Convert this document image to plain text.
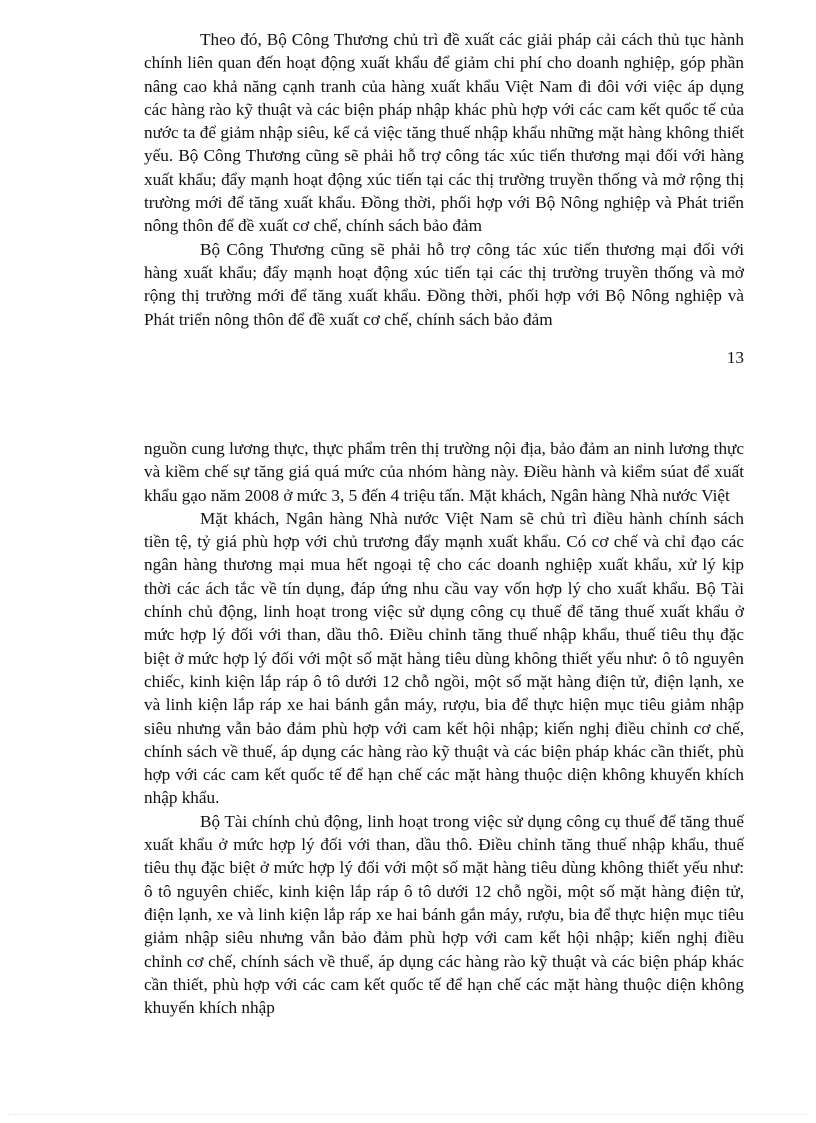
Theo đó, Bộ Công Thương chủ trì đề xuất các giải pháp cải cách thủ tục hành chính liên quan đến hoạt động xuất khẩu để giảm chi phí cho doanh nghiệp, góp phần nâng cao khả năng cạnh tranh của hàng xuất khẩu Việt Nam đi đôi với việc áp dụng các hàng rào kỹ thuật và các biện pháp nhập khác phù hợp với các cam kết quốc tế của nước ta để giảm nhập siêu, kể cả việc tăng thuế nhập khẩu những mặt hàng không thiết yếu. Bộ Công Thương cũng sẽ phải hỗ trợ công tác xúc tiến thương mại đối với hàng xuất khẩu; đẩy mạnh hoạt động xúc tiến tại các thị trường truyền thống và mở rộng thị trường mới để tăng xuất khẩu. Đồng thời, phối hợp với Bộ Nông nghiệp và Phát triển nông thôn để đề xuất cơ chế, chính sách bảo đảm

Bộ Công Thương cũng sẽ phải hỗ trợ công tác xúc tiến thương mại đối với hàng xuất khẩu; đẩy mạnh hoạt động xúc tiến tại các thị trường truyền thống và mở rộng thị trường mới để tăng xuất khẩu. Đồng thời, phối hợp với Bộ Nông nghiệp và Phát triển nông thôn để đề xuất cơ chế, chính sách bảo đảm

13

nguồn cung lương thực, thực phẩm trên thị trường nội địa, bảo đảm an ninh lương thực và kiềm chế sự tăng giá quá mức của nhóm hàng này. Điều hành và kiểm súat để xuất khẩu gạo năm 2008 ở mức 3, 5 đến 4 triệu tấn. Mặt khách, Ngân hàng Nhà nước Việt

Mặt khách, Ngân hàng Nhà nước Việt Nam sẽ chủ trì điều hành chính sách tiền tệ, tỷ giá phù hợp với chủ trương đẩy mạnh xuất khẩu. Có cơ chế và chỉ đạo các ngân hàng thương mại mua hết ngoại tệ cho các doanh nghiệp xuất khẩu, xử lý kịp thời các ách tắc về tín dụng, đáp ứng nhu cầu vay vốn hợp lý cho xuất khẩu. Bộ Tài chính chủ động, linh hoạt trong việc sử dụng công cụ thuế để tăng thuế xuất khẩu ở mức hợp lý đối với than, dầu thô. Điều chỉnh tăng thuế nhập khẩu, thuế tiêu thụ đặc biệt ở mức hợp lý đối với một số mặt hàng tiêu dùng không thiết yếu như: ô tô nguyên chiếc, kinh kiện lắp ráp ô tô dưới 12 chỗ ngồi, một số mặt hàng điện tử, điện lạnh, xe và linh kiện lắp ráp xe hai bánh gắn máy, rượu, bia để thực hiện mục tiêu giảm nhập siêu nhưng vẫn bảo đảm phù hợp với cam kết hội nhập; kiến nghị điều chỉnh cơ chế, chính sách về thuế, áp dụng các hàng rào kỹ thuật và các biện pháp khác cần thiết, phù hợp với các cam kết quốc tế để hạn chế các mặt hàng thuộc diện không khuyến khích nhập khẩu.

Bộ Tài chính chủ động, linh hoạt trong việc sử dụng công cụ thuế để tăng thuế xuất khẩu ở mức hợp lý đối với than, dầu thô. Điều chỉnh tăng thuế nhập khẩu, thuế tiêu thụ đặc biệt ở mức hợp lý đối với một số mặt hàng tiêu dùng không thiết yếu như: ô tô nguyên chiếc, kinh kiện lắp ráp ô tô dưới 12 chỗ ngồi, một số mặt hàng điện tử, điện lạnh, xe và linh kiện lắp ráp xe hai bánh gắn máy, rượu, bia để thực hiện mục tiêu giảm nhập siêu nhưng vẫn bảo đảm phù hợp với cam kết hội nhập; kiến nghị điều chỉnh cơ chế, chính sách về thuế, áp dụng các hàng rào kỹ thuật và các biện pháp khác cần thiết, phù hợp với các cam kết quốc tế để hạn chế các mặt hàng thuộc diện không khuyến khích nhập
